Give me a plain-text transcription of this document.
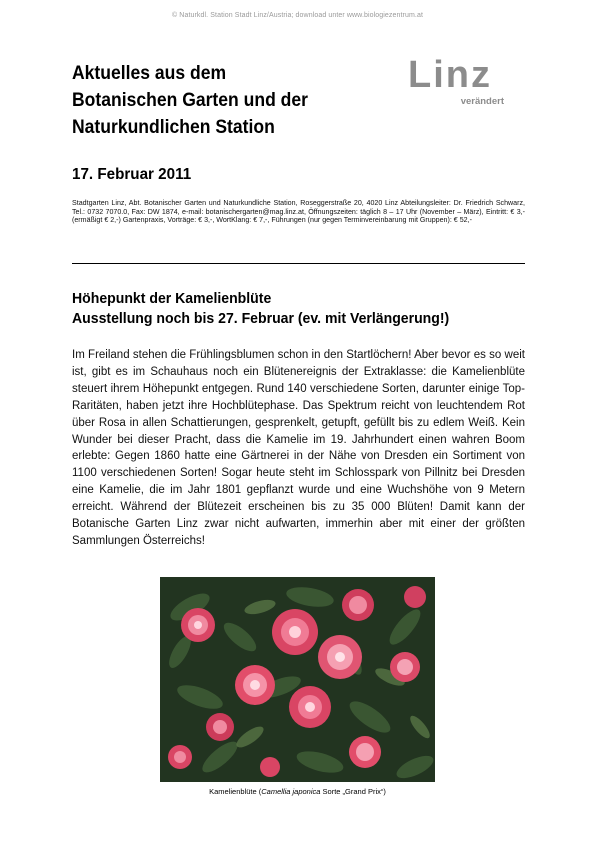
© Naturkdl. Station Stadt Linz/Austria; download unter www.biologiezentrum.at
Aktuelles aus dem
Botanischen Garten und der
Naturkundlichen Station
Linz
verändert
17. Februar 2011
Stadtgarten Linz, Abt. Botanischer Garten und Naturkundliche Station, Roseggerstraße 20, 4020 Linz Abteilungsleiter: Dr. Friedrich Schwarz, Tel.: 0732 7070.0, Fax: DW 1874, e-mail: botanischergarten@mag.linz.at, Öffnungszeiten: täglich 8 – 17 Uhr (November – März), Eintritt: € 3,- (ermäßigt € 2,-) Gartenpraxis, Vorträge: € 3,-, WortKlang: € 7,-, Führungen (nur gegen Terminvereinbarung mit Gruppen): € 52,-
Höhepunkt der Kamelienblüte
Ausstellung noch bis 27. Februar (ev. mit Verlängerung!)
Im Freiland stehen die Frühlingsblumen schon in den Startlöchern! Aber bevor es so weit ist, gibt es im Schauhaus noch ein Blütenereignis der Extraklasse: die Kamelienblüte steuert ihrem Höhepunkt entgegen. Rund 140 verschiedene Sorten, darunter einige Top-Raritäten, haben jetzt ihre Hochblütephase. Das Spektrum reicht von leuchtendem Rot über Rosa in allen Schattierungen, gesprenkelt, getupft, gefüllt bis zu edlem Weiß. Kein Wunder bei dieser Pracht, dass die Kamelie im 19. Jahrhundert einen wahren Boom erlebte: Gegen 1860 hatte eine Gärtnerei in der Nähe von Dresden ein Sortiment von 1100 verschiedenen Sorten! Sogar heute steht im Schlosspark von Pillnitz bei Dresden eine Kamelie, die im Jahr 1801 gepflanzt wurde und eine Wuchshöhe von 9 Metern erreicht. Während der Blütezeit erscheinen bis zu 35 000 Blüten! Damit kann der Botanische Garten Linz zwar nicht aufwarten, immerhin aber mit einer der größten Sammlungen Österreichs!
Kamelienblüte (Camellia japonica Sorte „Grand Prix“)
